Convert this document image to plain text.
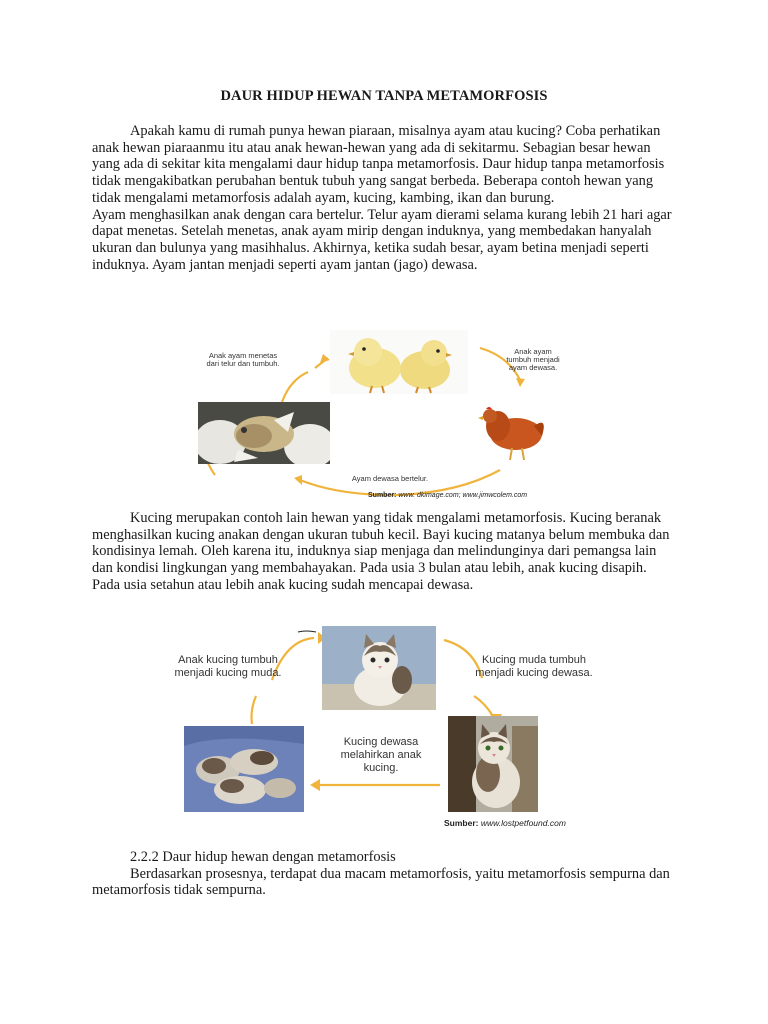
DAUR HIDUP HEWAN TANPA METAMORFOSIS

Apakah kamu di rumah punya hewan piaraan, misalnya ayam atau kucing? Coba perhatikan anak hewan piaraanmu itu atau anak hewan-hewan yang ada di sekitarmu. Sebagian besar hewan yang ada di sekitar kita mengalami daur hidup tanpa metamorfosis. Daur hidup tanpa metamorfosis tidak mengakibatkan perubahan bentuk tubuh yang sangat berbeda. Beberapa contoh hewan yang tidak mengalami metamorfosis adalah ayam, kucing, kambing, ikan dan burung.

Ayam menghasilkan anak dengan cara bertelur. Telur ayam dierami selama kurang lebih 21 hari agar dapat menetas. Setelah menetas, anak ayam mirip dengan induknya, yang membedakan hanyalah ukuran dan bulunya yang masihhalus. Akhirnya, ketika sudah besar, ayam betina menjadi seperti induknya. Ayam jantan menjadi seperti ayam jantan (jago) dewasa.

Anak ayam menetas dari telur dan tumbuh.
Anak ayam tumbuh menjadi ayam dewasa.
Ayam dewasa bertelur.
Sumber: www. dkimage.com; www.jimwcolem.com

Kucing merupakan contoh lain hewan yang tidak mengalami metamorfosis. Kucing beranak menghasilkan kucing anakan dengan ukuran tubuh kecil. Bayi kucing matanya belum membuka dan kondisinya lemah. Oleh karena itu, induknya siap menjaga dan melindunginya dari pemangsa lain dan kondisi lingkungan yang membahayakan. Pada usia 3 bulan atau lebih, anak kucing disapih. Pada usia setahun atau lebih anak kucing sudah mencapai dewasa.

Anak kucing tumbuh menjadi kucing muda.
Kucing muda tumbuh menjadi kucing dewasa.
Kucing dewasa melahirkan anak kucing.
Sumber: www.lostpetfound.com

2.2.2 Daur hidup hewan dengan metamorfosis

Berdasarkan prosesnya, terdapat dua macam metamorfosis, yaitu metamorfosis sempurna dan metamorfosis tidak sempurna.
